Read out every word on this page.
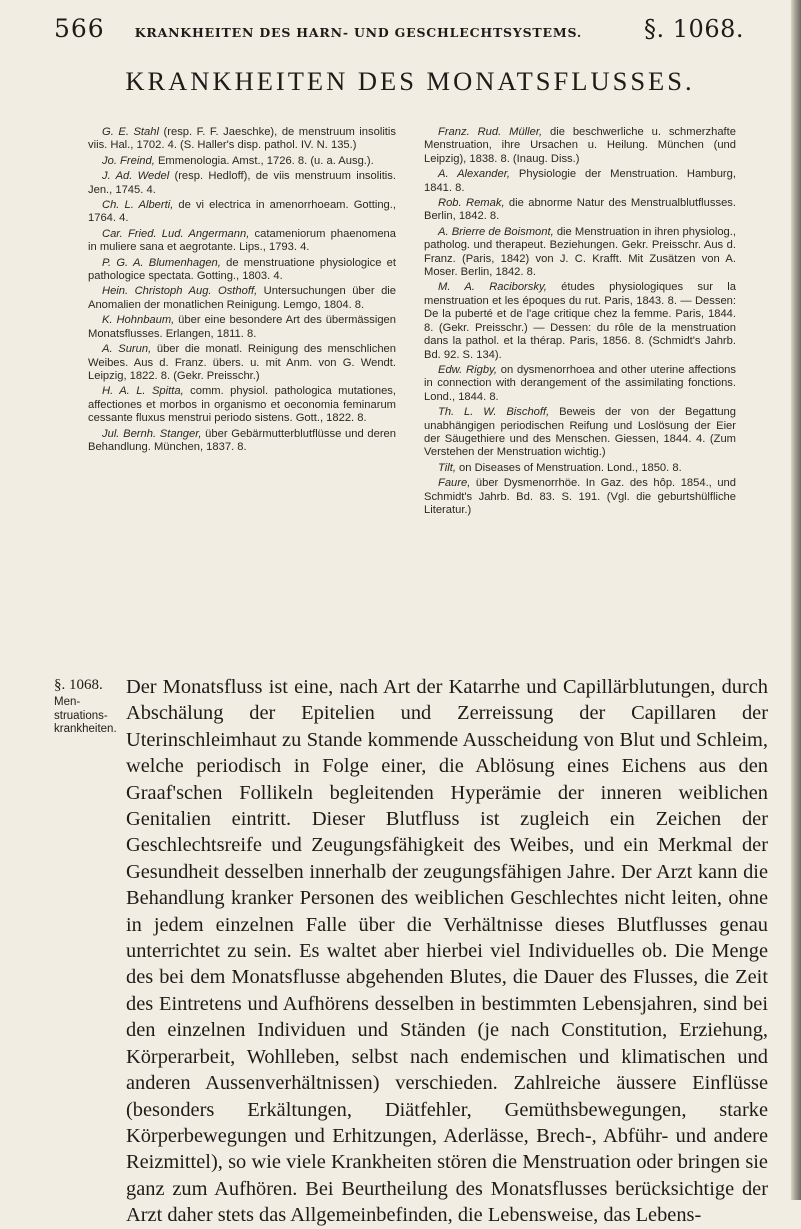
566 KRANKHEITEN DES HARN- UND GESCHLECHTSYSTEMS.	§. 1068.
KRANKHEITEN DES MONATSFLUSSES.

G. E. Stahl (resp. F. F. Jaeschke), de menstruum insolitis viis. Hal., 1702. 4. (S. Haller's disp. pathol. IV. N. 135.)

Jo. Freind, Emmenologia. Amst., 1726. 8. (u. a. Ausg.).

J. Ad. Wedel (resp. Hedloff), de viis menstruum insolitis. Jen., 1745. 4.

Ch. L. Alberti, de vi electrica in amenorrhoeam. Gotting., 1764. 4.

Car. Fried. Lud. Angermann, catameniorum phaenomena in muliere sana et aegrotante. Lips., 1793. 4.

P. G. A. Blumenhagen, de menstruatione physiologice et pathologice spectata. Gotting., 1803. 4.

Hein. Christoph Aug. Osthoff, Untersuchungen über die Anomalien der monatlichen Reinigung. Lemgo, 1804. 8.

K. Hohnbaum, über eine besondere Art des übermässigen Monatsflusses. Erlangen, 1811. 8.

A. Surun, über die monatl. Reinigung des menschlichen Weibes. Aus d. Franz. übers. u. mit Anm. von G. Wendt. Leipzig, 1822. 8. (Gekr. Preisschr.)

H. A. L. Spitta, comm. physiol. pathologica mutationes, affectiones et morbos in organismo et oeconomia feminarum cessante fluxus menstrui periodo sistens. Gott., 1822. 8.

Jul. Bernh. Stanger, über Gebärmutterblutflüsse und deren Behandlung. München, 1837. 8.

Franz. Rud. Müller, die beschwerliche u. schmerzhafte Menstruation, ihre Ursachen u. Heilung. München (und Leipzig), 1838. 8. (Inaug. Diss.)

A. Alexander, Physiologie der Menstruation. Hamburg, 1841. 8.

Rob. Remak, die abnorme Natur des Menstrualblutflusses. Berlin, 1842. 8.

A. Brierre de Boismont, die Menstruation in ihren physiolog., patholog. und therapeut. Beziehungen. Gekr. Preisschr. Aus d. Franz. (Paris, 1842) von J. C. Krafft. Mit Zusätzen von A. Moser. Berlin, 1842. 8.

M. A. Raciborsky, études physiologiques sur la menstruation et les époques du rut. Paris, 1843. 8. — Dessen: De la puberté et de l'age critique chez la femme. Paris, 1844. 8. (Gekr. Preisschr.) — Dessen: du rôle de la menstruation dans la pathol. et la thérap. Paris, 1856. 8. (Schmidt's Jahrb. Bd. 92. S. 134).

Edw. Rigby, on dysmenorrhoea and other uterine affections in connection with derangement of the assimilating fonctions. Lond., 1844. 8.

Th. L. W. Bischoff, Beweis der von der Begattung unabhängigen periodischen Reifung und Loslösung der Eier der Säugethiere und des Menschen. Giessen, 1844. 4. (Zum Verstehen der Menstruation wichtig.)

Tilt, on Diseases of Menstruation. Lond., 1850. 8.

Faure, über Dysmenorrhöe. In Gaz. des hôp. 1854., und Schmidt's Jahrb. Bd. 83. S. 191. (Vgl. die geburtshülfliche Literatur.)

§. 1068.
Men-
struations-
krankheiten.
Der Monatsfluss ist eine, nach Art der Katarrhe und Capillärblutungen, durch Abschälung der Epitelien und Zerreissung der Capillaren der Uterinschleimhaut zu Stande kommende Ausscheidung von Blut und Schleim, welche periodisch in Folge einer, die Ablösung eines Eichens aus den Graaf'schen Follikeln begleitenden Hyperämie der inneren weiblichen Genitalien eintritt. Dieser Blutfluss ist zugleich ein Zeichen der Geschlechtsreife und Zeugungsfähigkeit des Weibes, und ein Merkmal der Gesundheit desselben innerhalb der zeugungsfähigen Jahre. Der Arzt kann die Behandlung kranker Personen des weiblichen Geschlechtes nicht leiten, ohne in jedem einzelnen Falle über die Verhältnisse dieses Blutflusses genau unterrichtet zu sein. Es waltet aber hierbei viel Individuelles ob. Die Menge des bei dem Monatsflusse abgehenden Blutes, die Dauer des Flusses, die Zeit des Eintretens und Aufhörens desselben in bestimmten Lebensjahren, sind bei den einzelnen Individuen und Ständen (je nach Constitution, Erziehung, Körperarbeit, Wohlleben, selbst nach endemischen und klimatischen und anderen Aussenverhältnissen) verschieden. Zahlreiche äussere Einflüsse (besonders Erkältungen, Diätfehler, Gemüthsbewegungen, starke Körperbewegungen und Erhitzungen, Aderlässe, Brech-, Abführ- und andere Reizmittel), so wie viele Krankheiten stören die Menstruation oder bringen sie ganz zum Aufhören. Bei Beurtheilung des Monatsflusses berücksichtige der Arzt daher stets das Allgemeinbefinden, die Lebensweise, das Lebens-
